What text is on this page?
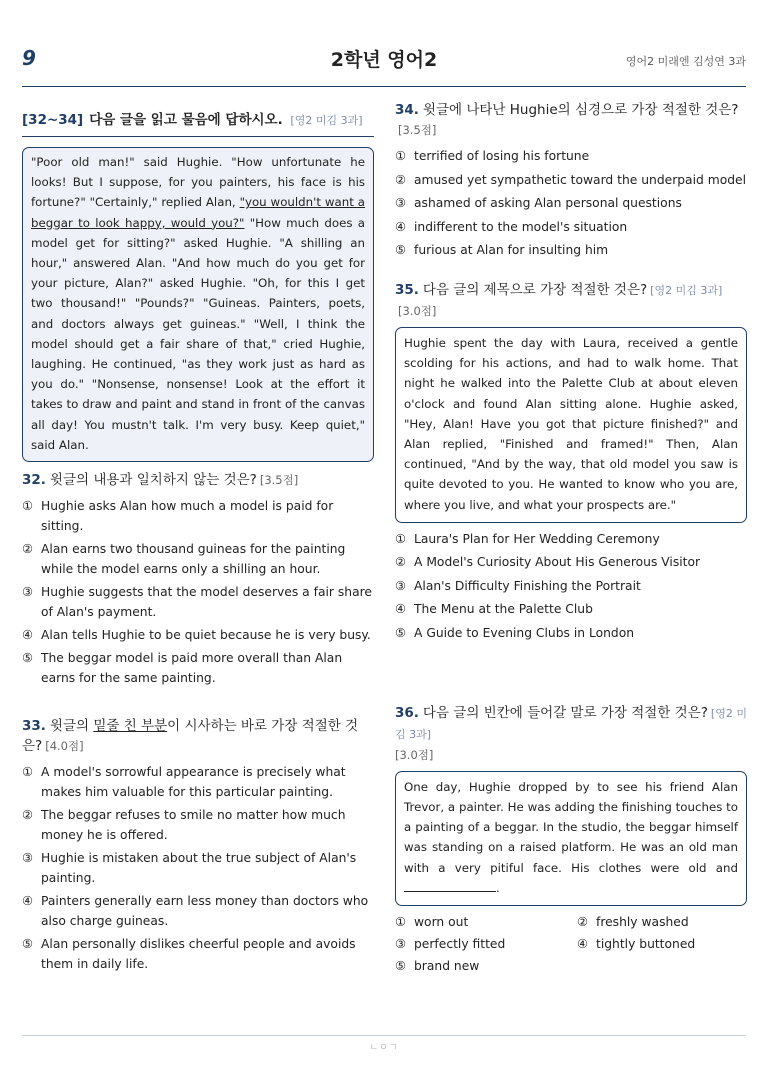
9	2학년 영어2	영어2 미래엔 김성연 3과
[32~34] 다음 글을 읽고 물음에 답하시오. [영2 미김 3과]
"Poor old man!" said Hughie. "How unfortunate he looks! But I suppose, for you painters, his face is his fortune?" "Certainly," replied Alan, "you wouldn't want a beggar to look happy, would you?" "How much does a model get for sitting?" asked Hughie. "A shilling an hour," answered Alan. "And how much do you get for your picture, Alan?" asked Hughie. "Oh, for this I get two thousand!" "Pounds?" "Guineas. Painters, poets, and doctors always get guineas." "Well, I think the model should get a fair share of that," cried Hughie, laughing. He continued, "as they work just as hard as you do." "Nonsense, nonsense! Look at the effort it takes to draw and paint and stand in front of the canvas all day! You mustn't talk. I'm very busy. Keep quiet," said Alan.
32. 윗글의 내용과 일치하지 않는 것은? [3.5점]
① Hughie asks Alan how much a model is paid for sitting.
② Alan earns two thousand guineas for the painting while the model earns only a shilling an hour.
③ Hughie suggests that the model deserves a fair share of Alan's payment.
④ Alan tells Hughie to be quiet because he is very busy.
⑤ The beggar model is paid more overall than Alan earns for the same painting.
33. 윗글의 밑줄 친 부분이 시사하는 바로 가장 적절한 것은? [4.0점]
① A model's sorrowful appearance is precisely what makes him valuable for this particular painting.
② The beggar refuses to smile no matter how much money he is offered.
③ Hughie is mistaken about the true subject of Alan's painting.
④ Painters generally earn less money than doctors who also charge guineas.
⑤ Alan personally dislikes cheerful people and avoids them in daily life.
34. 윗글에 나타난 Hughie의 심경으로 가장 적절한 것은?[3.5점]
① terrified of losing his fortune
② amused yet sympathetic toward the underpaid model
③ ashamed of asking Alan personal questions
④ indifferent to the model's situation
⑤ furious at Alan for insulting him
35. 다음 글의 제목으로 가장 적절한 것은? [영2 미김 3과][3.0점]
Hughie spent the day with Laura, received a gentle scolding for his actions, and had to walk home. That night he walked into the Palette Club at about eleven o'clock and found Alan sitting alone. Hughie asked, "Hey, Alan! Have you got that picture finished?" and Alan replied, "Finished and framed!" Then, Alan continued, "And by the way, that old model you saw is quite devoted to you. He wanted to know who you are, where you live, and what your prospects are."
① Laura's Plan for Her Wedding Ceremony
② A Model's Curiosity About His Generous Visitor
③ Alan's Difficulty Finishing the Portrait
④ The Menu at the Palette Club
⑤ A Guide to Evening Clubs in London
36. 다음 글의 빈칸에 들어갈 말로 가장 적절한 것은? [영2 미김 3과]
[3.0점]
One day, Hughie dropped by to see his friend Alan Trevor, a painter. He was adding the finishing touches to a painting of a beggar. In the studio, the beggar himself was standing on a raised platform. He was an old man with a very pitiful face. His clothes were old and .
① worn out	② freshly washed
③ perfectly fitted	④ tightly buttoned
⑤ brand new
ㄴㅇㄱ
